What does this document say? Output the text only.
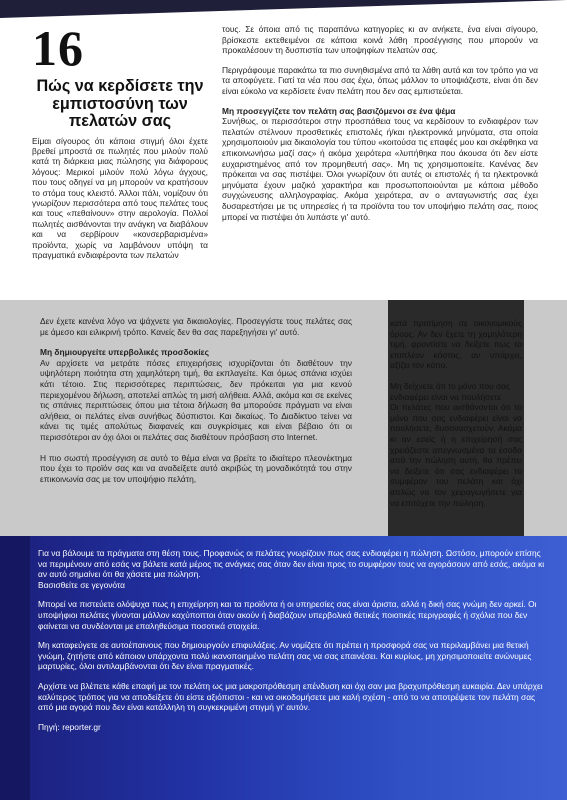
16
Πώς να κερδίσετε την εμπιστοσύνη των πελατών σας

Είμαι σίγουρος ότι κάποια στιγμή όλοι έχετε βρεθεί μπροστά σε πωλητές που μιλούν πολύ κατά τη διάρκεια μιας πώλησης για διάφορους λόγους: Μερικοί μιλούν πολύ λόγω άγχους, που τους οδηγεί να μη μπορούν να κρατήσουν το στόμα τους κλειστό. Άλλοι πάλι, νομίζουν ότι γνωρίζουν περισσότερα από τους πελάτες τους και τους «πεθαίνουν» στην αερολογία. Πολλοί πωλητές αισθάνονται την ανάγκη να διαβάλουν και να σερβίρουν «κονσερβαρισμένα» προϊόντα, χωρίς να λαμβάνουν υπόψη τα πραγματικά ενδιαφέροντα των πελατών

τους. Σε όποια από τις παραπάνω κατηγορίες κι αν ανήκετε, ένα είναι σίγουρο, βρίσκεστε εκτεθειμένοι σε κάποια κοινά λάθη προσέγγισης που μπορούν να προκαλέσουν τη δυσπιστία των υποψηφίων πελατών σας.

Περιγράφουμε παρακάτω τα πιο συνηθισμένα από τα λάθη αυτά και τον τρόπο για να τα αποφύγετε. Γιατί τα νέα που σας έχω, όπως μάλλον το υποψιάζεστε, είναι ότι δεν είναι εύκολο να κερδίσετε έναν πελάτη που δεν σας εμπιστεύεται.

Μη προσεγγίζετε τον πελάτη σας βασιζόμενοι σε ένα ψέμα

Συνήθως, οι περισσότεροι στην προσπάθεια τους να κερδίσουν το ενδιαφέρον των πελατών στέλνουν προσθετικές επιστολές ή/και ηλεκτρονικά μηνύματα, στα οποία χρησιμοποιούν μια δικαιολογία του τύπου «κοιτούσα τις επαφές μου και σκέφθηκα να επικοινωνήσω μαζί σας» ή ακόμα χειρότερα «λυπήθηκα που άκουσα ότι δεν είστε ευχαριστημένος από τον προμηθευτή σας». Μη τις χρησιμοποιείτε. Κανένας δεν πρόκειται να σας πιστέψει. Όλοι γνωρίζουν ότι αυτές οι επιστολές ή τα ηλεκτρονικά μηνύματα έχουν μαζικό χαρακτήρα και προσωποποιούνται με κάποια μέθοδο συγχώνευσης αλληλογραφίας. Ακόμα χειρότερα, αν ο ανταγωνιστής σας έχει δυσαρεστήσει με τις υπηρεσίες ή τα προϊόντα του τον υποψήφιο πελάτη σας, ποιος μπορεί να πιστέψει ότι λυπάστε γι' αυτό.

Δεν έχετε κανένα λόγο να ψάχνετε για δικαιολογίες. Προσεγγίστε τους πελάτες σας με άμεσο και ειλικρινή τρόπο. Κανείς δεν θα σας παρεξηγήσει γι' αυτό.

Μη δημιουργείτε υπερβολικές προσδοκίες

Αν αρχίσετε να μετράτε πόσες επιχειρήσεις ισχυρίζονται ότι διαθέτουν την υψηλότερη ποιότητα στη χαμηλότερη τιμή, θα εκπλαγείτε. Και όμως σπάνια ισχύει κάτι τέτοιο. Στις περισσότερες περιπτώσεις, δεν πρόκειται για μια κενού περιεχομένου δήλωση, αποτελεί απλώς τη μισή αλήθεια. Αλλά, ακόμα και σε εκείνες τις σπάνιες περιπτώσεις όπου μια τέτοια δήλωση θα μπορούσε πράγματι να είναι αλήθεια, οι πελάτες είναι συνήθως δύσπιστοι. Και δικαίως. Το Διαδίκτυο τείνει να κάνει τις τιμές απολύτως διαφανείς και συγκρίσιμες και είναι βέβαιο ότι οι περισσότεροι αν όχι όλοι οι πελάτες σας διαθέτουν πρόσβαση στο Internet.

Η πιο σωστή προσέγγιση σε αυτό το θέμα είναι να βρείτε το ιδιαίτερο πλεονέκτημα που έχει το προϊόν σας και να αναδείξετε αυτό ακριβώς τη μοναδικότητά του στην επικοινωνία σας με τον υποψήφιο πελάτη,

κατά προτίμηση σε οικονομικούς όρους. Αν δεν έχετε τη χαμηλότερη τιμή, φροντίστε να δείξετε πως το επιπλέον κόστος, αν υπάρχει, αξίζει τον κόπο.

Μη δείχνετε ότι το μόνο που σας ενδιαφέρει είναι να πουλήσετε

Οι πελάτες που αισθάνονται ότι το μόνο που σας ενδιαφέρει είναι να πουλήσετε, δυσανασχετούν. Ακόμα κι αν εσείς ή η επιχείρησή σας χρειάζεστε απεγνωσμένα τα έσοδα από την πώληση αυτή, θα πρέπει να δείξετε ότι σας ενδιαφέρει το συμφέρον του πελάτη και όχι απλώς να τον χειραγωγήσετε για να επιτύχετε την πώληση.

Για να βάλουμε τα πράγματα στη θέση τους. Προφανώς οι πελάτες γνωρίζουν πως σας ενδιαφέρει η πώληση. Ωστόσο, μπορούν επίσης να περιμένουν από εσάς να βάλετε κατά μέρος τις ανάγκες σας όταν δεν είναι προς το συμφέρον τους να αγοράσουν από εσάς, ακόμα κι αν αυτό σημαίνει ότι θα χάσετε μια πώληση.

Βασισθείτε σε γεγονότα

Μπορεί να πιστεύετε ολόψυχα πως η επιχείρηση και τα προϊόντα ή οι υπηρεσίες σας είναι άριστα, αλλά η δική σας γνώμη δεν αρκεί. Οι υποψήφιοι πελάτες γίνονται μάλλον καχύποπτοι όταν ακούν ή διαβάζουν υπερβολικά θετικές ποιοτικές περιγραφές ή σχόλια που δεν φαίνεται να συνδέονται με επαληθεύσιμα ποσοτικά στοιχεία.

Μη καταφεύγετε σε αυτοέπαινους που δημιουργούν επιφυλάξεις. Αν νομίζετε ότι πρέπει η προσφορά σας να περιλαμβάνει μια θετική γνώμη, ζητήστε από κάποιον υπάρχοντα πολύ ικανοποιημένο πελάτη σας να σας επαινέσει. Και κυρίως, μη χρησιμοποιείτε ανώνυμες μαρτυρίες, όλοι αντιλαμβάνονται ότι δεν είναι πραγματικές.

Αρχίστε να βλέπετε κάθε επαφή με τον πελάτη ως μια μακροπρόθεσμη επένδυση και όχι σαν μια βραχυπρόθεσμη ευκαιρία. Δεν υπάρχει καλύτερος τρόπος για να αποδείξετε ότι είστε αξιόπιστοι - και να οικοδομήσετε μια καλή σχέση - από το να αποτρέψετε τον πελάτη σας από μια αγορά που δεν είναι κατάλληλη τη συγκεκριμένη στιγμή γι' αυτόν.

Πηγή: reporter.gr
